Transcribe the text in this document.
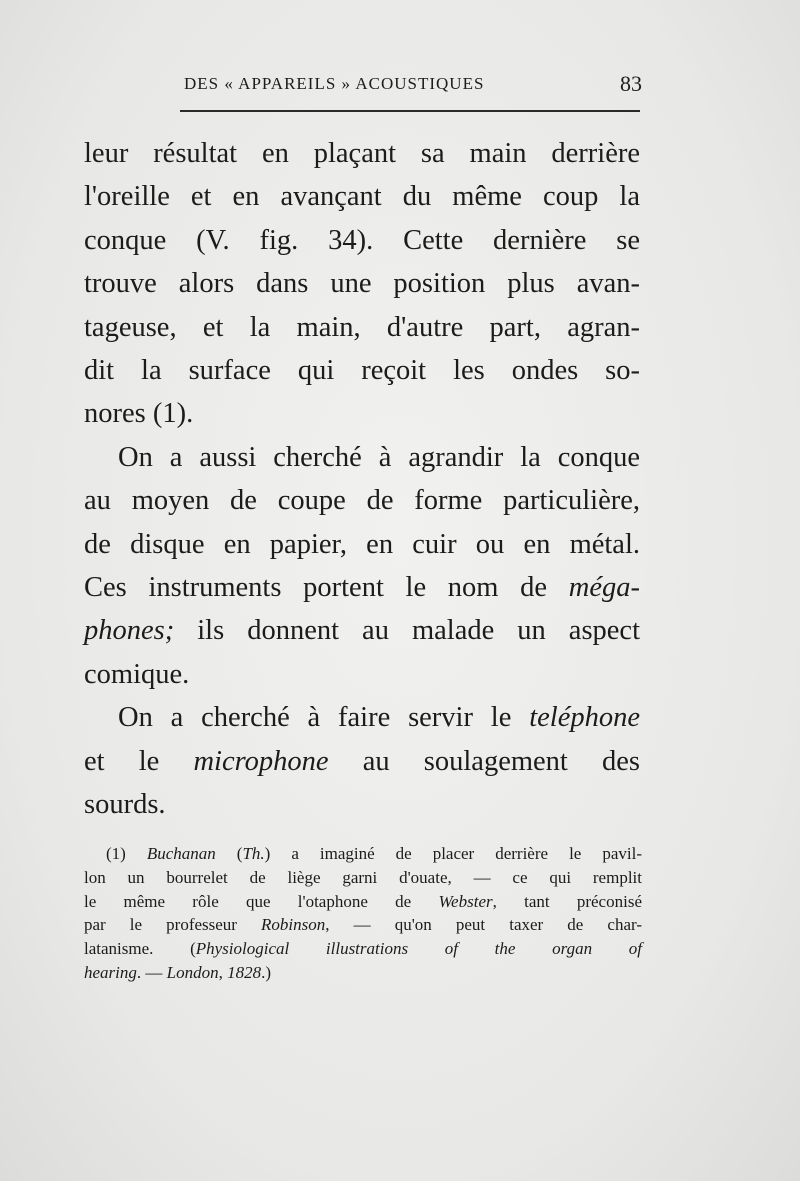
DES « APPAREILS » ACOUSTIQUES	83
leur résultat en plaçant sa main derrière
l'oreille et en avançant du même coup la
conque (V. fig. 34). Cette dernière se
trouve alors dans une position plus avan-
tageuse, et la main, d'autre part, agran-
dit la surface qui reçoit les ondes so-
nores (1).
On a aussi cherché à agrandir la conque
au moyen de coupe de forme particulière,
de disque en papier, en cuir ou en métal.
Ces instruments portent le nom de méga-
phones; ils donnent au malade un aspect
comique.
On a cherché à faire servir le teléphone
et le microphone au soulagement des
sourds.
(1) Buchanan (Th.) a imaginé de placer derrière le pavil-
lon un bourrelet de liège garni d'ouate, — ce qui remplit
le même rôle que l'otaphone de Webster, tant préconisé
par le professeur Robinson, — qu'on peut taxer de char-
latanisme. (Physiological illustrations of the organ of
hearing. — London, 1828.)
